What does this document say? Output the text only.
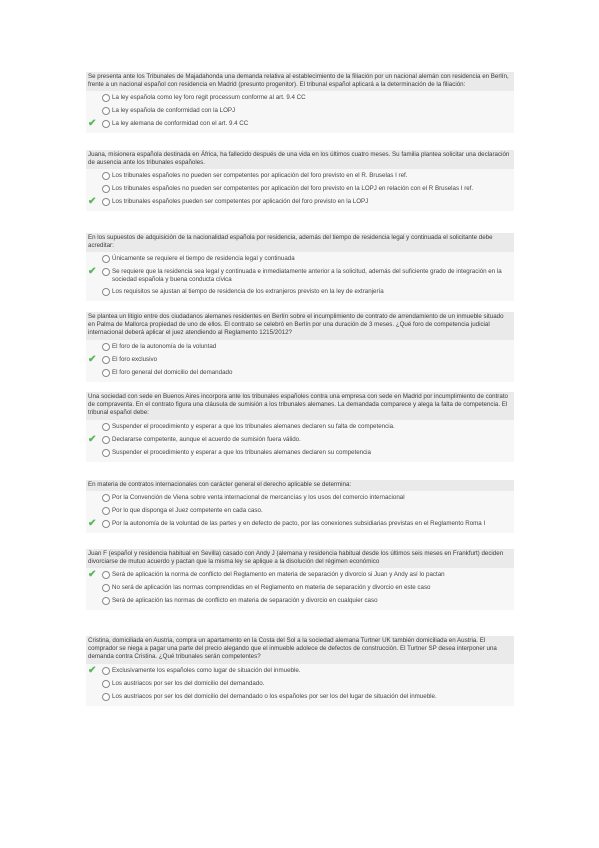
Se presenta ante los Tribunales de Majadahonda una demanda relativa al establecimiento de la filiación por un nacional alemán con residencia en Berlín, frente a un nacional español con residencia en Madrid (presunto progenitor). El tribunal español aplicará a la determinación de la filiación:
La ley española como ley foro regit processum conforme al art. 9.4 CC
La ley española de conformidad con la LOPJ
✔	La ley alemana de conformidad con el art. 9.4 CC
Juana, misionera española destinada en África, ha fallecido después de una vida en los últimos cuatro meses. Su familia plantea solicitar una declaración de ausencia ante los tribunales españoles.
Los tribunales españoles no pueden ser competentes por aplicación del foro previsto en el R. Bruselas I ref.
Los tribunales españoles no pueden ser competentes por aplicación del foro previsto en la LOPJ en relación con el R Bruselas I ref.
✔	Los tribunales españoles pueden ser competentes por aplicación del foro previsto en la LOPJ
En los supuestos de adquisición de la nacionalidad española por residencia, además del tiempo de residencia legal y continuada el solicitante debe acreditar:
Únicamente se requiere el tiempo de residencia legal y continuada
✔	Se requiere que la residencia sea legal y continuada e inmediatamente anterior a la solicitud, además del suficiente grado de integración en la sociedad española y buena conducta cívica
Los requisitos se ajustan al tiempo de residencia de los extranjeros previsto en la ley de extranjería
Se plantea un litigio entre dos ciudadanos alemanes residentes en Berlín sobre el incumplimiento de contrato de arrendamiento de un inmueble situado en Palma de Mallorca propiedad de uno de ellos. El contrato se celebró en Berlín por una duración de 3 meses. ¿Qué foro de competencia judicial internacional deberá aplicar el juez atendiendo al Reglamento 1215/2012?
El foro de la autonomía de la voluntad
✔	El foro exclusivo
El foro general del domicilio del demandado
Una sociedad con sede en Buenos Aires incorpora ante los tribunales españoles contra una empresa con sede en Madrid por incumplimiento de contrato de compraventa. En el contrato figura una cláusula de sumisión a los tribunales alemanes. La demandada comparece y alega la falta de competencia. El tribunal español debe:
Suspender el procedimiento y esperar a que los tribunales alemanes declaren su falta de competencia.
✔	Declararse competente, aunque el acuerdo de sumisión fuera válido.
Suspender el procedimiento y esperar a que los tribunales alemanes declaren su competencia
En materia de contratos internacionales con carácter general el derecho aplicable se determina:
Por la Convención de Viena sobre venta internacional de mercancías y los usos del comercio internacional
Por lo que disponga el Juez competente en cada caso.
✔	Por la autonomía de la voluntad de las partes y en defecto de pacto, por las conexiones subsidiarias previstas en el Reglamento Roma I
Juan F (español y residencia habitual en Sevilla) casado con Andy J (alemana y residencia habitual desde los últimos seis meses en Frankfurt) deciden divorciarse de mutuo acuerdo y pactan que la misma ley se aplique a la disolución del régimen económico
✔	Será de aplicación la norma de conflicto del Reglamento en materia de separación y divorcio si Juan y Andy así lo pactan
No será de aplicación las normas comprendidas en el Reglamento en materia de separación y divorcio en este caso
Será de aplicación las normas de conflicto en materia de separación y divorcio en cualquier caso
Cristina, domiciliada en Austria, compra un apartamento en la Costa del Sol a la sociedad alemana Turtner UK también domiciliada en Austria. El comprador se niega a pagar una parte del precio alegando que el inmueble adolece de defectos de construcción. El Turtner SP desea interponer una demanda contra Cristina. ¿Qué tribunales serán competentes?
✔	Exclusivamente los españoles como lugar de situación del inmueble.
Los austriacos por ser los del domicilio del demandado.
Los austriacos por ser los del domicilio del demandado o los españoles por ser los del lugar de situación del inmueble.
